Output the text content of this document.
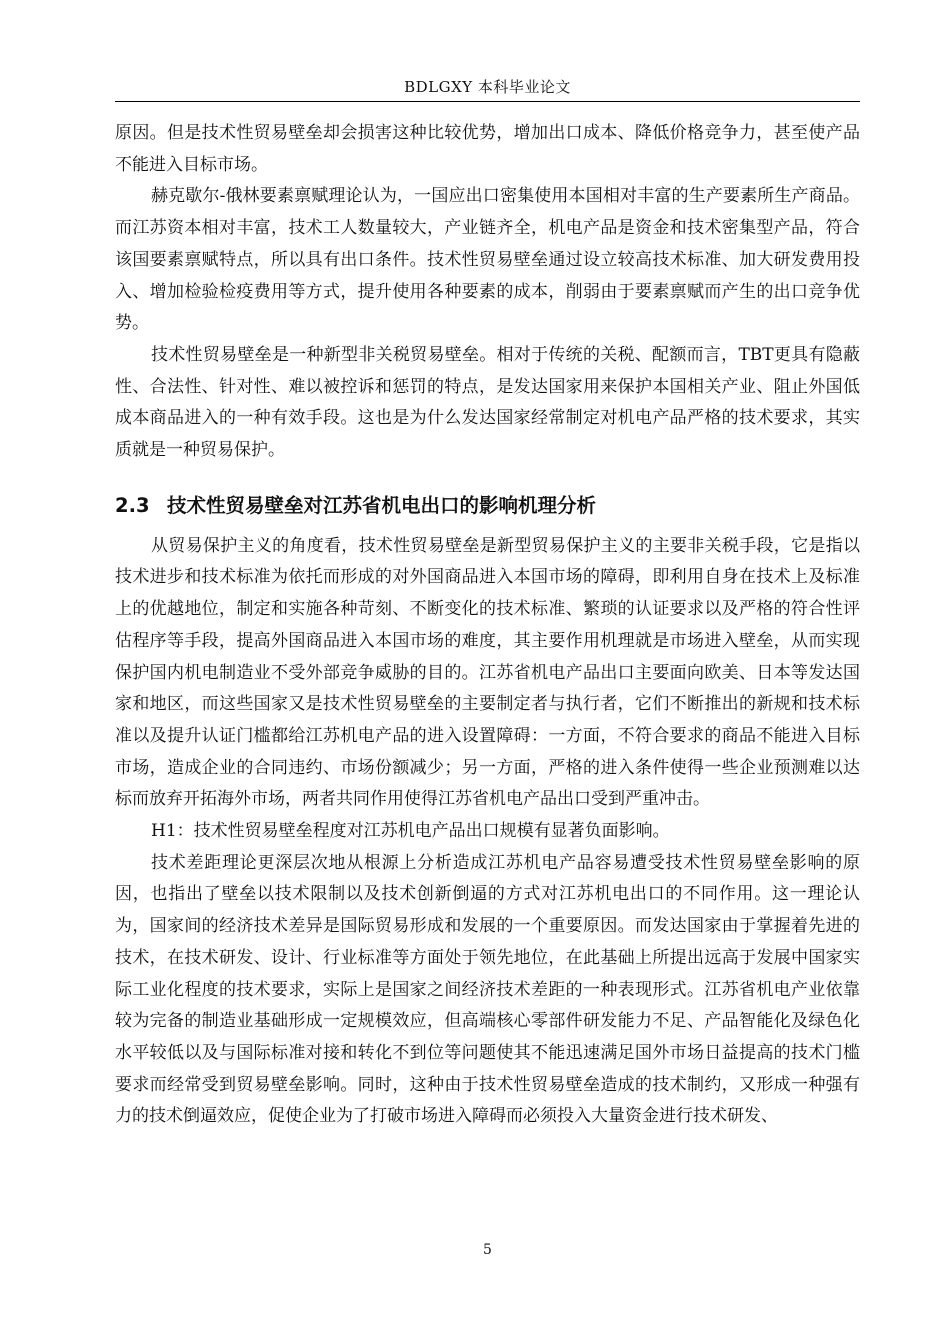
BDLGXY 本科毕业论文

原因。但是技术性贸易壁垒却会损害这种比较优势，增加出口成本、降低价格竞争力，甚至使产品不能进入目标市场。

赫克歇尔-俄林要素禀赋理论认为，一国应出口密集使用本国相对丰富的生产要素所生产商品。而江苏资本相对丰富，技术工人数量较大，产业链齐全，机电产品是资金和技术密集型产品，符合该国要素禀赋特点，所以具有出口条件。技术性贸易壁垒通过设立较高技术标准、加大研发费用投入、增加检验检疫费用等方式，提升使用各种要素的成本，削弱由于要素禀赋而产生的出口竞争优势。

技术性贸易壁垒是一种新型非关税贸易壁垒。相对于传统的关税、配额而言，TBT更具有隐蔽性、合法性、针对性、难以被控诉和惩罚的特点，是发达国家用来保护本国相关产业、阻止外国低成本商品进入的一种有效手段。这也是为什么发达国家经常制定对机电产品严格的技术要求，其实质就是一种贸易保护。

2.3 技术性贸易壁垒对江苏省机电出口的影响机理分析

从贸易保护主义的角度看，技术性贸易壁垒是新型贸易保护主义的主要非关税手段，它是指以技术进步和技术标准为依托而形成的对外国商品进入本国市场的障碍，即利用自身在技术上及标准上的优越地位，制定和实施各种苛刻、不断变化的技术标准、繁琐的认证要求以及严格的符合性评估程序等手段，提高外国商品进入本国市场的难度，其主要作用机理就是市场进入壁垒，从而实现保护国内机电制造业不受外部竞争威胁的目的。江苏省机电产品出口主要面向欧美、日本等发达国家和地区，而这些国家又是技术性贸易壁垒的主要制定者与执行者，它们不断推出的新规和技术标准以及提升认证门槛都给江苏机电产品的进入设置障碍：一方面，不符合要求的商品不能进入目标市场，造成企业的合同违约、市场份额减少；另一方面，严格的进入条件使得一些企业预测难以达标而放弃开拓海外市场，两者共同作用使得江苏省机电产品出口受到严重冲击。

H1：技术性贸易壁垒程度对江苏机电产品出口规模有显著负面影响。

技术差距理论更深层次地从根源上分析造成江苏机电产品容易遭受技术性贸易壁垒影响的原因，也指出了壁垒以技术限制以及技术创新倒逼的方式对江苏机电出口的不同作用。这一理论认为，国家间的经济技术差异是国际贸易形成和发展的一个重要原因。而发达国家由于掌握着先进的技术，在技术研发、设计、行业标准等方面处于领先地位，在此基础上所提出远高于发展中国家实际工业化程度的技术要求，实际上是国家之间经济技术差距的一种表现形式。江苏省机电产业依靠较为完备的制造业基础形成一定规模效应，但高端核心零部件研发能力不足、产品智能化及绿色化水平较低以及与国际标准对接和转化不到位等问题使其不能迅速满足国外市场日益提高的技术门槛要求而经常受到贸易壁垒影响。同时，这种由于技术性贸易壁垒造成的技术制约，又形成一种强有力的技术倒逼效应，促使企业为了打破市场进入障碍而必须投入大量资金进行技术研发、

5
